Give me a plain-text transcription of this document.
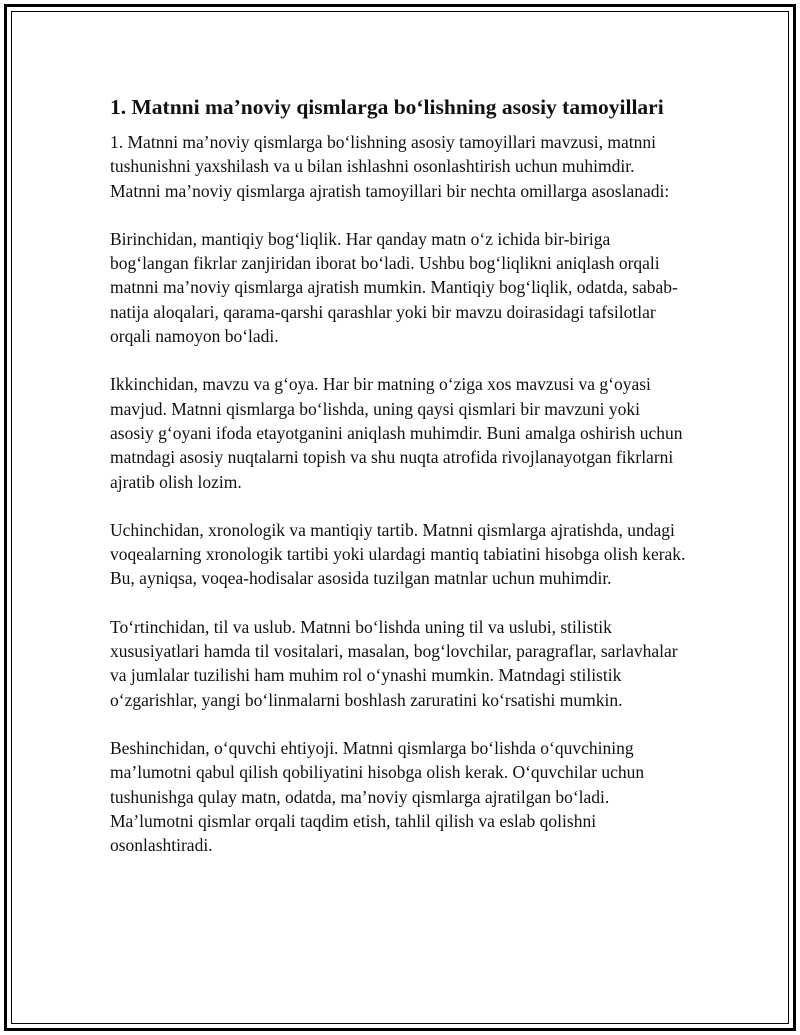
1. Matnni ma’noviy qismlarga bo‘lishning asosiy tamoyillari

1. Matnni ma’noviy qismlarga bo‘lishning asosiy tamoyillari mavzusi, matnni tushunishni yaxshilash va u bilan ishlashni osonlashtirish uchun muhimdir. Matnni ma’noviy qismlarga ajratish tamoyillari bir nechta omillarga asoslanadi:

Birinchidan, mantiqiy bog‘liqlik. Har qanday matn o‘z ichida bir-biriga bog‘langan fikrlar zanjiridan iborat bo‘ladi. Ushbu bog‘liqlikni aniqlash orqali matnni ma’noviy qismlarga ajratish mumkin. Mantiqiy bog‘liqlik, odatda, sabab-natija aloqalari, qarama-qarshi qarashlar yoki bir mavzu doirasidagi tafsilotlar orqali namoyon bo‘ladi.

Ikkinchidan, mavzu va g‘oya. Har bir matning o‘ziga xos mavzusi va g‘oyasi mavjud. Matnni qismlarga bo‘lishda, uning qaysi qismlari bir mavzuni yoki asosiy g‘oyani ifoda etayotganini aniqlash muhimdir. Buni amalga oshirish uchun matndagi asosiy nuqtalarni topish va shu nuqta atrofida rivojlanayotgan fikrlarni ajratib olish lozim.

Uchinchidan, xronologik va mantiqiy tartib. Matnni qismlarga ajratishda, undagi voqealarning xronologik tartibi yoki ulardagi mantiq tabiatini hisobga olish kerak. Bu, ayniqsa, voqea-hodisalar asosida tuzilgan matnlar uchun muhimdir.

To‘rtinchidan, til va uslub. Matnni bo‘lishda uning til va uslubi, stilistik xususiyatlari hamda til vositalari, masalan, bog‘lovchilar, paragraflar, sarlavhalar va jumlalar tuzilishi ham muhim rol o‘ynashi mumkin. Matndagi stilistik o‘zgarishlar, yangi bo‘linmalarni boshlash zaruratini ko‘rsatishi mumkin.

Beshinchidan, o‘quvchi ehtiyoji. Matnni qismlarga bo‘lishda o‘quvchining ma’lumotni qabul qilish qobiliyatini hisobga olish kerak. O‘quvchilar uchun tushunishga qulay matn, odatda, ma’noviy qismlarga ajratilgan bo‘ladi. Ma’lumotni qismlar orqali taqdim etish, tahlil qilish va eslab qolishni osonlashtiradi.
